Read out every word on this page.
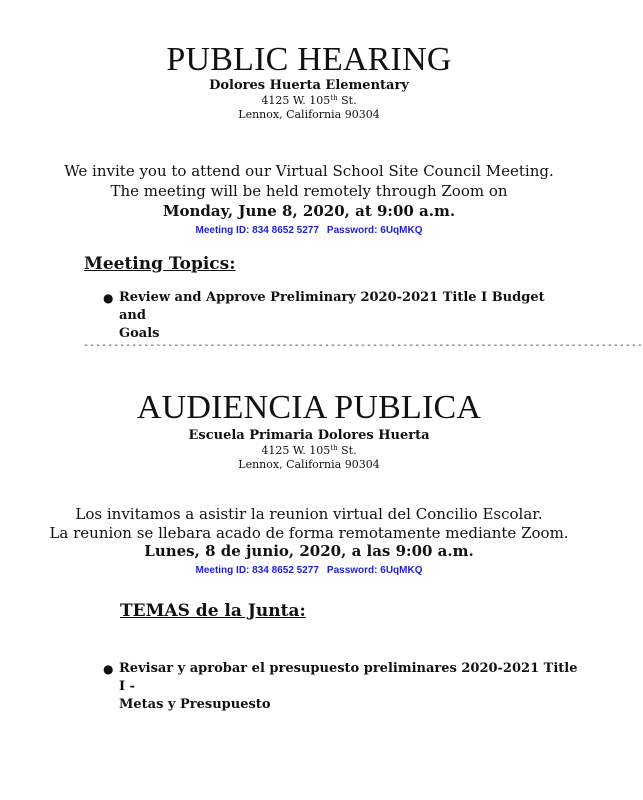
PUBLIC HEARING
Dolores Huerta Elementary
4125 W. 105th St.
Lennox, California 90304
We invite you to attend our Virtual School Site Council Meeting.
The meeting will be held remotely through Zoom on
Monday, June 8, 2020, at 9:00 a.m.
Meeting ID: 834 8652 5277 Password: 6UqMKQ
Meeting Topics:
● Review and Approve Preliminary 2020-2021 Title I Budget and
Goals
---------------------------------------------------------------------------------------------
AUDIENCIA PUBLICA
Escuela Primaria Dolores Huerta
4125 W. 105th St.
Lennox, California 90304
Los invitamos a asistir la reunion virtual del Concilio Escolar.
La reunion se llebara acado de forma remotamente mediante Zoom.
Lunes, 8 de junio, 2020, a las 9:00 a.m.
Meeting ID: 834 8652 5277 Password: 6UqMKQ
TEMAS de la Junta:
● Revisar y aprobar el presupuesto preliminares 2020-2021 Title I -
Metas y Presupuesto
